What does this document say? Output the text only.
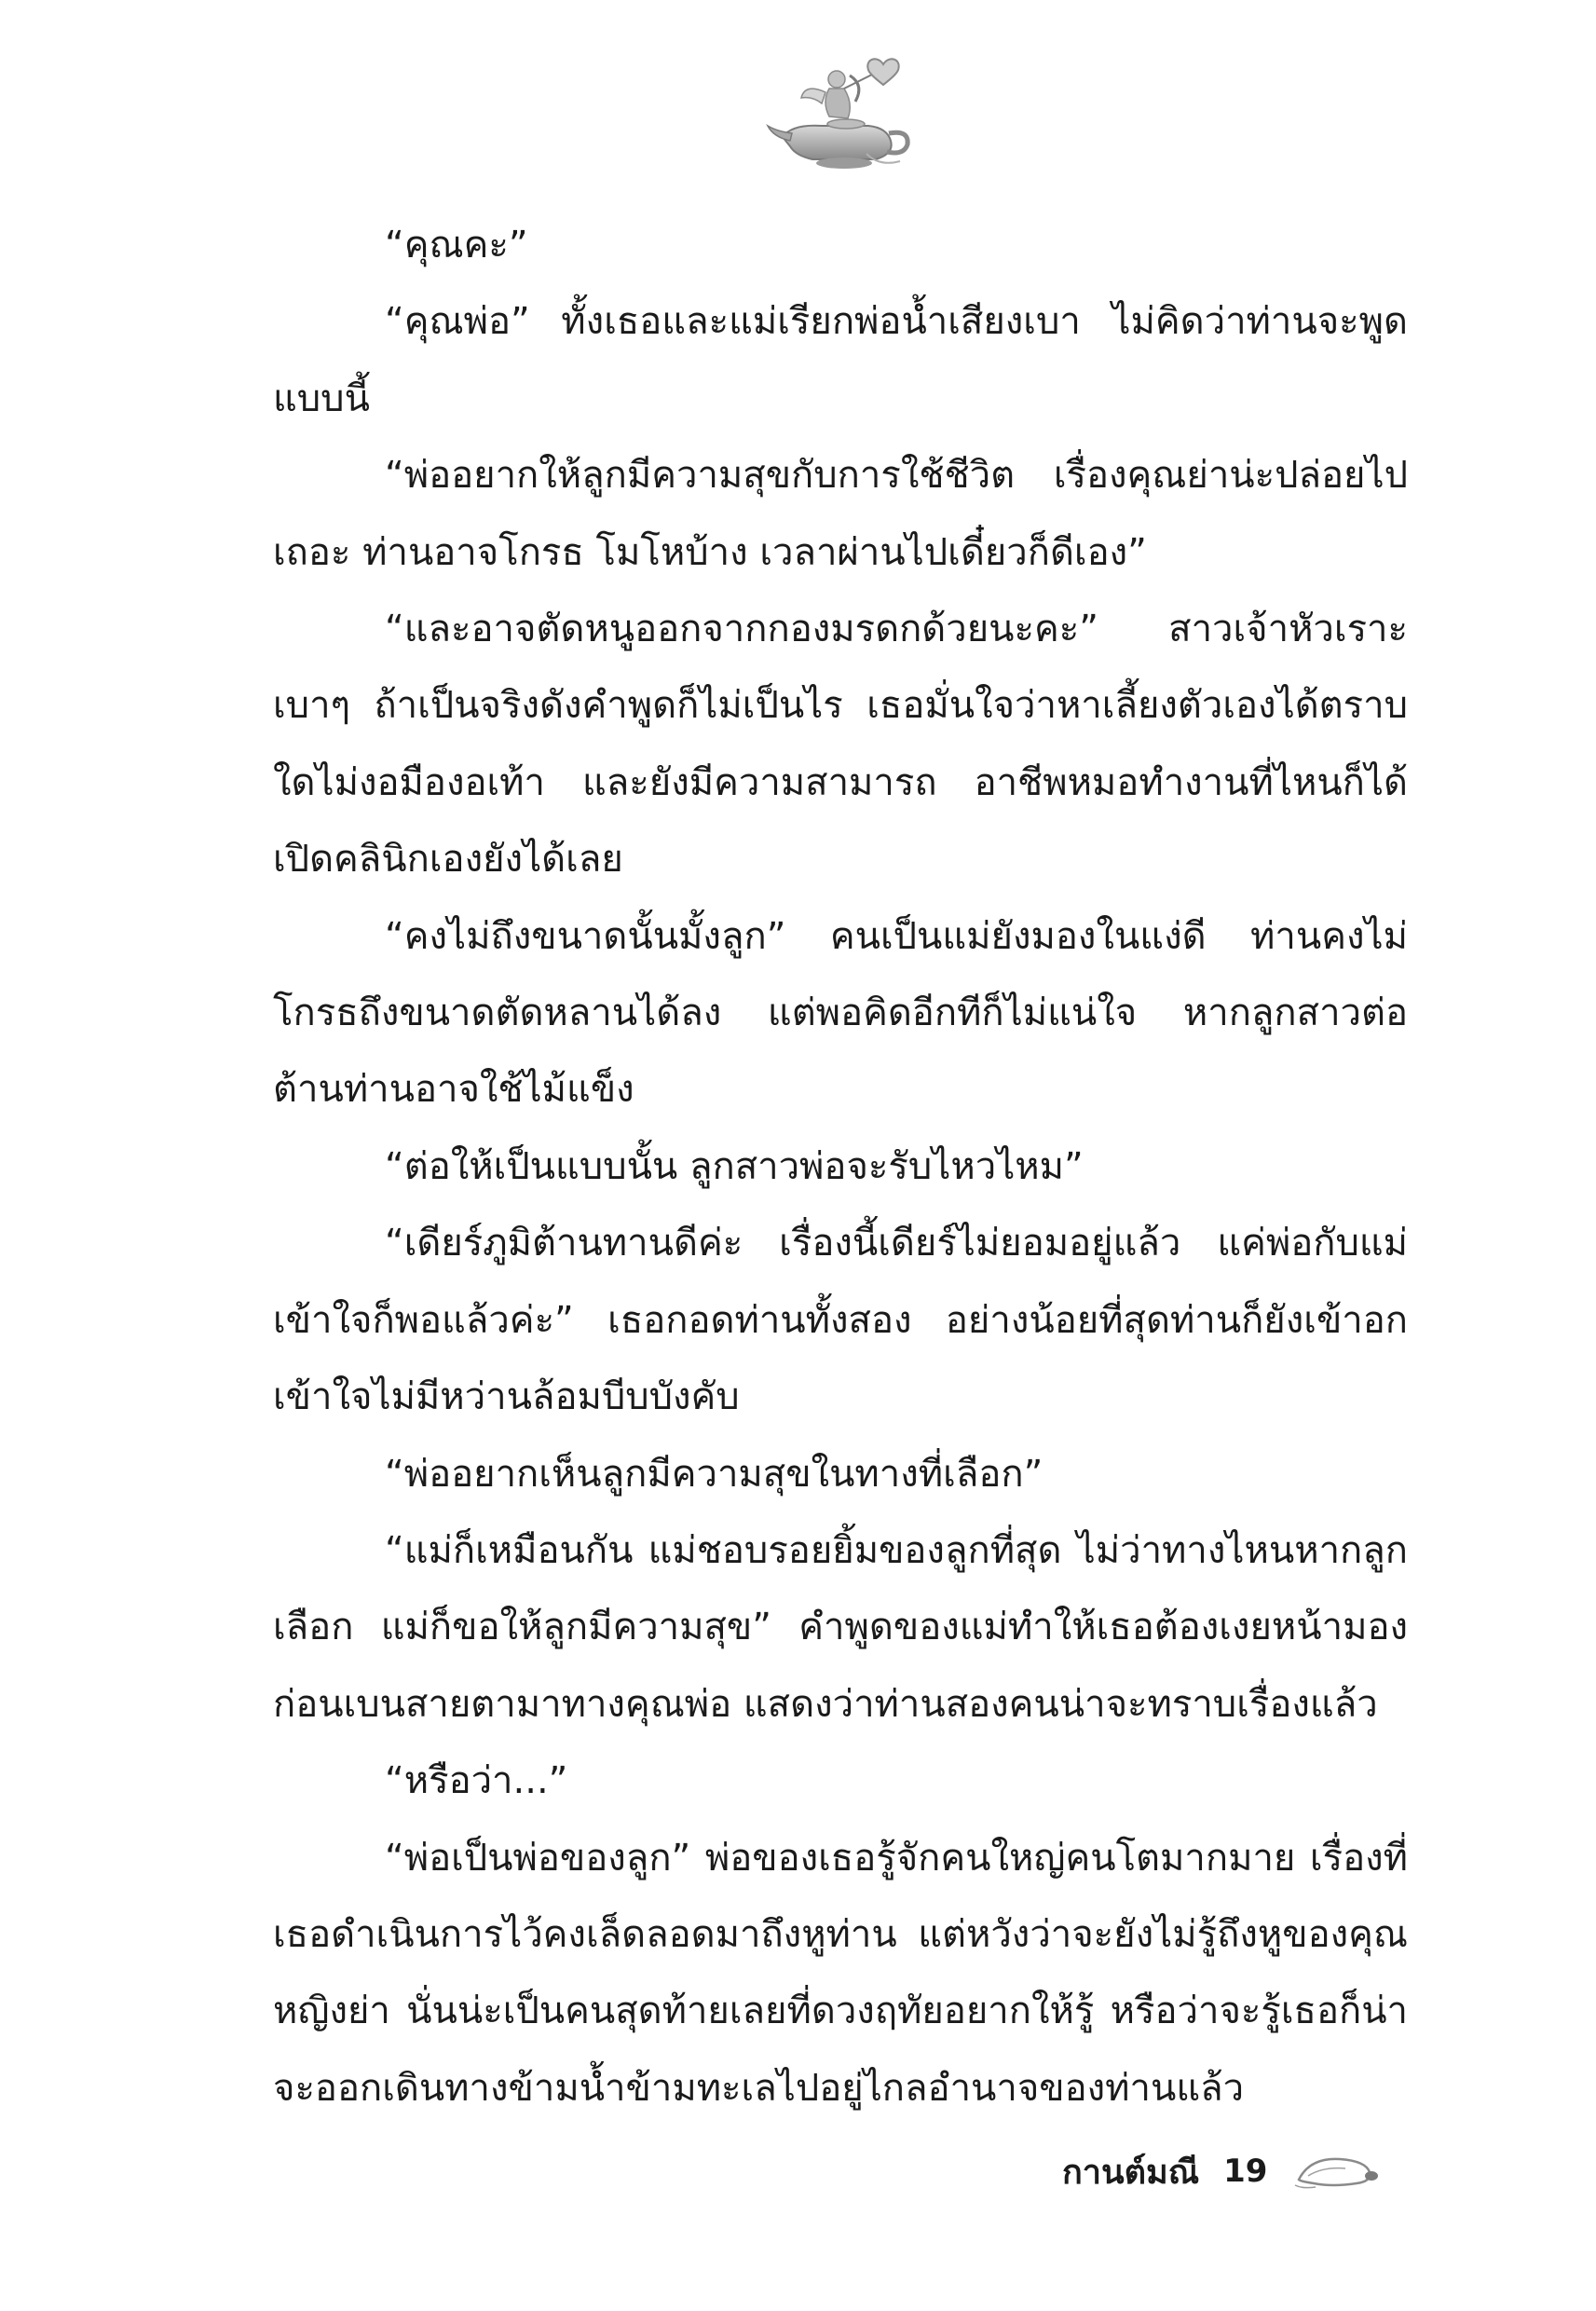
“คุณคะ”

“คุณพ่อ” ทั้งเธอและแม่เรียกพ่อน้ำเสียงเบา ไม่คิดว่าท่านจะพูดแบบนี้

“พ่ออยากให้ลูกมีความสุขกับการใช้ชีวิต เรื่องคุณย่าน่ะปล่อยไปเถอะ ท่านอาจโกรธ โมโหบ้าง เวลาผ่านไปเดี๋ยวก็ดีเอง”

“และอาจตัดหนูออกจากกองมรดกด้วยนะคะ” สาวเจ้าหัวเราะเบาๆ ถ้าเป็นจริงดังคำพูดก็ไม่เป็นไร เธอมั่นใจว่าหาเลี้ยงตัวเองได้ตราบใดไม่งอมืองอเท้า และยังมีความสามารถ อาชีพหมอทำงานที่ไหนก็ได้ เปิดคลินิกเองยังได้เลย

“คงไม่ถึงขนาดนั้นมั้งลูก” คนเป็นแม่ยังมองในแง่ดี ท่านคงไม่โกรธถึงขนาดตัดหลานได้ลง แต่พอคิดอีกทีก็ไม่แน่ใจ หากลูกสาวต่อต้านท่านอาจใช้ไม้แข็ง

“ต่อให้เป็นแบบนั้น ลูกสาวพ่อจะรับไหวไหม”

“เดียร์ภูมิต้านทานดีค่ะ เรื่องนี้เดียร์ไม่ยอมอยู่แล้ว แค่พ่อกับแม่เข้าใจก็พอแล้วค่ะ” เธอกอดท่านทั้งสอง อย่างน้อยที่สุดท่านก็ยังเข้าอกเข้าใจไม่มีหว่านล้อมบีบบังคับ

“พ่ออยากเห็นลูกมีความสุขในทางที่เลือก”

“แม่ก็เหมือนกัน แม่ชอบรอยยิ้มของลูกที่สุด ไม่ว่าทางไหนหากลูกเลือก แม่ก็ขอให้ลูกมีความสุข” คำพูดของแม่ทำให้เธอต้องเงยหน้ามอง ก่อนเบนสายตามาทางคุณพ่อ แสดงว่าท่านสองคนน่าจะทราบเรื่องแล้ว

“หรือว่า...”

“พ่อเป็นพ่อของลูก” พ่อของเธอรู้จักคนใหญ่คนโตมากมาย เรื่องที่เธอดำเนินการไว้คงเล็ดลอดมาถึงหูท่าน แต่หวังว่าจะยังไม่รู้ถึงหูของคุณหญิงย่า นั่นน่ะเป็นคนสุดท้ายเลยที่ดวงฤทัยอยากให้รู้ หรือว่าจะรู้เธอก็น่าจะออกเดินทางข้ามน้ำข้ามทะเลไปอยู่ไกลอำนาจของท่านแล้ว

กานต์มณี 19
